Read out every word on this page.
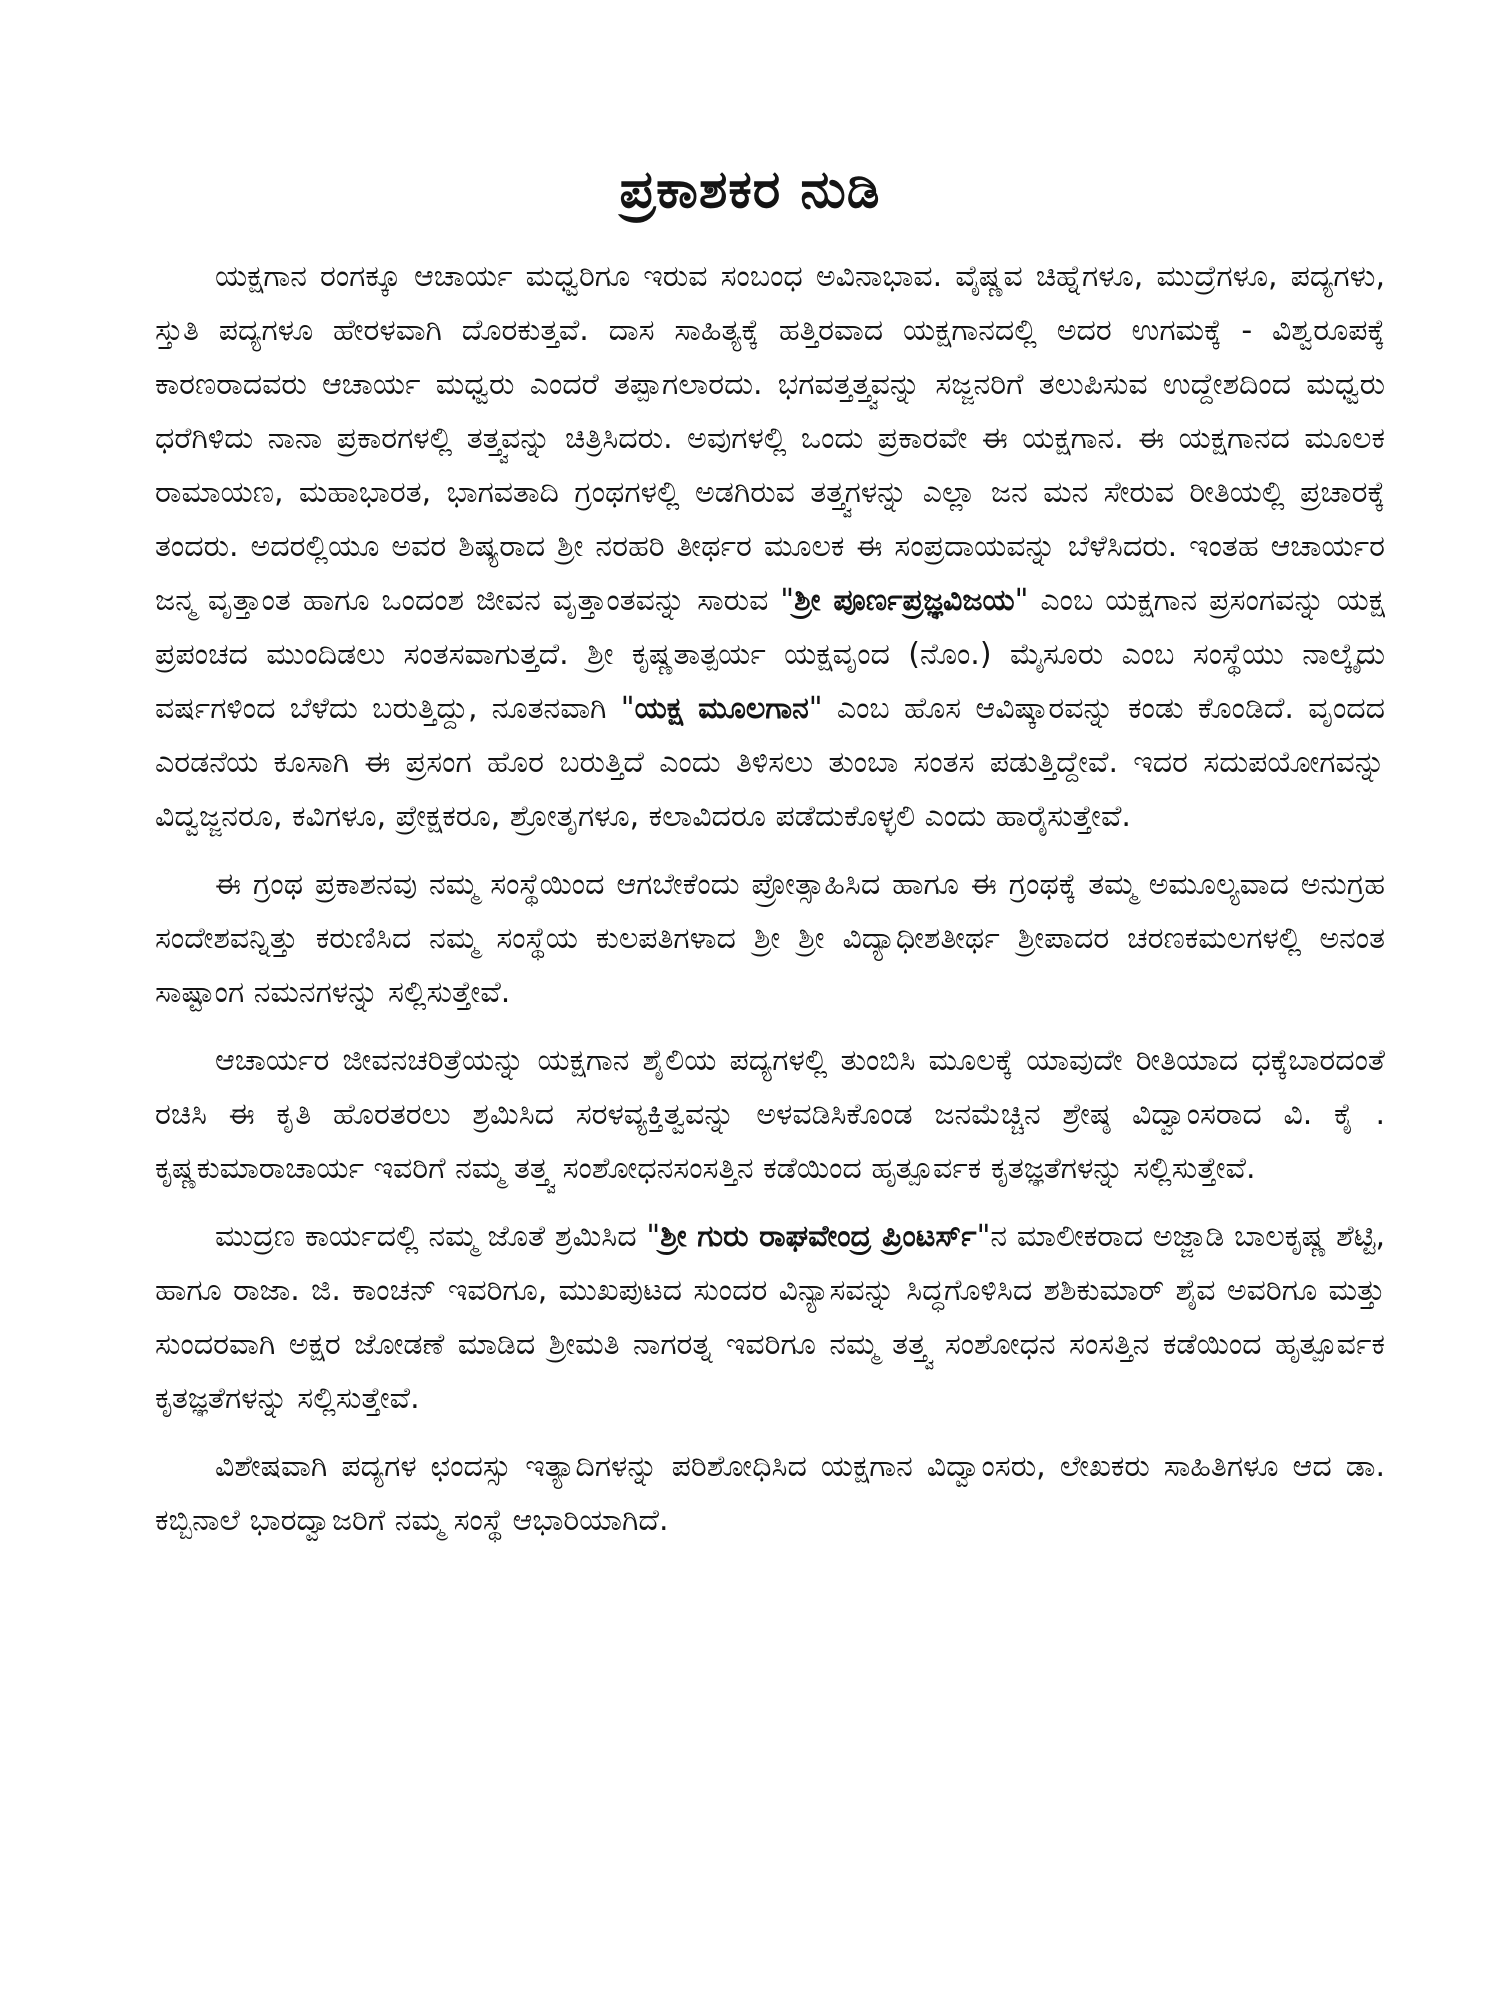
ಪ್ರಕಾಶಕರ ನುಡಿ

ಯಕ್ಷಗಾನ ರಂಗಕ್ಕೂ ಆಚಾರ್ಯ ಮಧ್ವರಿಗೂ ಇರುವ ಸಂಬಂಧ ಅವಿನಾಭಾವ. ವೈಷ್ಣವ ಚಿಹ್ನೆಗಳೂ, ಮುದ್ರೆಗಳೂ, ಪದ್ಯಗಳು, ಸ್ತುತಿ ಪದ್ಯಗಳೂ ಹೇರಳವಾಗಿ ದೊರಕುತ್ತವೆ. ದಾಸ ಸಾಹಿತ್ಯಕ್ಕೆ ಹತ್ತಿರವಾದ ಯಕ್ಷಗಾನದಲ್ಲಿ ಅದರ ಉಗಮಕ್ಕೆ - ವಿಶ್ವರೂಪಕ್ಕೆ ಕಾರಣರಾದವರು ಆಚಾರ್ಯ ಮಧ್ವರು ಎಂದರೆ ತಪ್ಪಾಗಲಾರದು. ಭಗವತ್ತತ್ತ್ವವನ್ನು ಸಜ್ಜನರಿಗೆ ತಲುಪಿಸುವ ಉದ್ದೇಶದಿಂದ ಮಧ್ವರು ಧರೆಗಿಳಿದು ನಾನಾ ಪ್ರಕಾರಗಳಲ್ಲಿ ತತ್ತ್ವವನ್ನು ಚಿತ್ರಿಸಿದರು. ಅವುಗಳಲ್ಲಿ ಒಂದು ಪ್ರಕಾರವೇ ಈ ಯಕ್ಷಗಾನ. ಈ ಯಕ್ಷಗಾನದ ಮೂಲಕ ರಾಮಾಯಣ, ಮಹಾಭಾರತ, ಭಾಗವತಾದಿ ಗ್ರಂಥಗಳಲ್ಲಿ ಅಡಗಿರುವ ತತ್ತ್ವಗಳನ್ನು ಎಲ್ಲಾ ಜನ ಮನ ಸೇರುವ ರೀತಿಯಲ್ಲಿ ಪ್ರಚಾರಕ್ಕೆ ತಂದರು. ಅದರಲ್ಲಿಯೂ ಅವರ ಶಿಷ್ಯರಾದ ಶ್ರೀ ನರಹರಿ ತೀರ್ಥರ ಮೂಲಕ ಈ ಸಂಪ್ರದಾಯವನ್ನು ಬೆಳೆಸಿದರು. ಇಂತಹ ಆಚಾರ್ಯರ ಜನ್ಮ ವೃತ್ತಾಂತ ಹಾಗೂ ಒಂದಂಶ ಜೀವನ ವೃತ್ತಾಂತವನ್ನು ಸಾರುವ "ಶ್ರೀ ಪೂರ್ಣಪ್ರಜ್ಞವಿಜಯ" ಎಂಬ ಯಕ್ಷಗಾನ ಪ್ರಸಂಗವನ್ನು ಯಕ್ಷ ಪ್ರಪಂಚದ ಮುಂದಿಡಲು ಸಂತಸವಾಗುತ್ತದೆ. ಶ್ರೀ ಕೃಷ್ಣತಾತ್ಪರ್ಯ ಯಕ್ಷವೃಂದ (ನೊಂ.) ಮೈಸೂರು ಎಂಬ ಸಂಸ್ಥೆಯು ನಾಲ್ಕೈದು ವರ್ಷಗಳಿಂದ ಬೆಳೆದು ಬರುತ್ತಿದ್ದು, ನೂತನವಾಗಿ "ಯಕ್ಷ ಮೂಲಗಾನ" ಎಂಬ ಹೊಸ ಆವಿಷ್ಕಾರವನ್ನು ಕಂಡು ಕೊಂಡಿದೆ. ವೃಂದದ ಎರಡನೆಯ ಕೂಸಾಗಿ ಈ ಪ್ರಸಂಗ ಹೊರ ಬರುತ್ತಿದೆ ಎಂದು ತಿಳಿಸಲು ತುಂಬಾ ಸಂತಸ ಪಡುತ್ತಿದ್ದೇವೆ. ಇದರ ಸದುಪಯೋಗವನ್ನು ವಿದ್ವಜ್ಜನರೂ, ಕವಿಗಳೂ, ಪ್ರೇಕ್ಷಕರೂ, ಶ್ರೋತೃಗಳೂ, ಕಲಾವಿದರೂ ಪಡೆದುಕೊಳ್ಳಲಿ ಎಂದು ಹಾರೈಸುತ್ತೇವೆ.

ಈ ಗ್ರಂಥ ಪ್ರಕಾಶನವು ನಮ್ಮ ಸಂಸ್ಥೆಯಿಂದ ಆಗಬೇಕೆಂದು ಪ್ರೋತ್ಸಾಹಿಸಿದ ಹಾಗೂ ಈ ಗ್ರಂಥಕ್ಕೆ ತಮ್ಮ ಅಮೂಲ್ಯವಾದ ಅನುಗ್ರಹ ಸಂದೇಶವನ್ನಿತ್ತು ಕರುಣಿಸಿದ ನಮ್ಮ ಸಂಸ್ಥೆಯ ಕುಲಪತಿಗಳಾದ ಶ್ರೀ ಶ್ರೀ ವಿದ್ಯಾಧೀಶತೀರ್ಥ ಶ್ರೀಪಾದರ ಚರಣಕಮಲಗಳಲ್ಲಿ ಅನಂತ ಸಾಷ್ಟಾಂಗ ನಮನಗಳನ್ನು ಸಲ್ಲಿಸುತ್ತೇವೆ.

ಆಚಾರ್ಯರ ಜೀವನಚರಿತ್ರೆಯನ್ನು ಯಕ್ಷಗಾನ ಶೈಲಿಯ ಪದ್ಯಗಳಲ್ಲಿ ತುಂಬಿಸಿ ಮೂಲಕ್ಕೆ ಯಾವುದೇ ರೀತಿಯಾದ ಧಕ್ಕೆಬಾರದಂತೆ ರಚಿಸಿ ಈ ಕೃತಿ ಹೊರತರಲು ಶ್ರಮಿಸಿದ ಸರಳವ್ಯಕ್ತಿತ್ವವನ್ನು ಅಳವಡಿಸಿಕೊಂಡ ಜನಮೆಚ್ಚಿನ ಶ್ರೇಷ್ಠ ವಿದ್ವಾಂಸರಾದ ವಿ. ಕೈ . ಕೃಷ್ಣಕುಮಾರಾಚಾರ್ಯ ಇವರಿಗೆ ನಮ್ಮ ತತ್ತ್ವ ಸಂಶೋಧನಸಂಸತ್ತಿನ ಕಡೆಯಿಂದ ಹೃತ್ಪೂರ್ವಕ ಕೃತಜ್ಞತೆಗಳನ್ನು ಸಲ್ಲಿಸುತ್ತೇವೆ.

ಮುದ್ರಣ ಕಾರ್ಯದಲ್ಲಿ ನಮ್ಮ ಜೊತೆ ಶ್ರಮಿಸಿದ "ಶ್ರೀ ಗುರು ರಾಘವೇಂದ್ರ ಪ್ರಿಂಟರ್ಸ್"ನ ಮಾಲೀಕರಾದ ಅಜ್ಜಾಡಿ ಬಾಲಕೃಷ್ಣ ಶೆಟ್ಟಿ, ಹಾಗೂ ರಾಜಾ. ಜಿ. ಕಾಂಚನ್ ಇವರಿಗೂ, ಮುಖಪುಟದ ಸುಂದರ ವಿನ್ಯಾಸವನ್ನು ಸಿದ್ಧಗೊಳಿಸಿದ ಶಶಿಕುಮಾರ್ ಶೈವ ಅವರಿಗೂ ಮತ್ತು ಸುಂದರವಾಗಿ ಅಕ್ಷರ ಜೋಡಣೆ ಮಾಡಿದ ಶ್ರೀಮತಿ ನಾಗರತ್ನ ಇವರಿಗೂ ನಮ್ಮ ತತ್ತ್ವ ಸಂಶೋಧನ ಸಂಸತ್ತಿನ ಕಡೆಯಿಂದ ಹೃತ್ಪೂರ್ವಕ ಕೃತಜ್ಞತೆಗಳನ್ನು ಸಲ್ಲಿಸುತ್ತೇವೆ.

ವಿಶೇಷವಾಗಿ ಪದ್ಯಗಳ ಛಂದಸ್ಸು ಇತ್ಯಾದಿಗಳನ್ನು ಪರಿಶೋಧಿಸಿದ ಯಕ್ಷಗಾನ ವಿದ್ವಾಂಸರು, ಲೇಖಕರು ಸಾಹಿತಿಗಳೂ ಆದ ಡಾ. ಕಬ್ಬಿನಾಲೆ ಭಾರದ್ವಾಜರಿಗೆ ನಮ್ಮ ಸಂಸ್ಥೆ ಆಭಾರಿಯಾಗಿದೆ.
